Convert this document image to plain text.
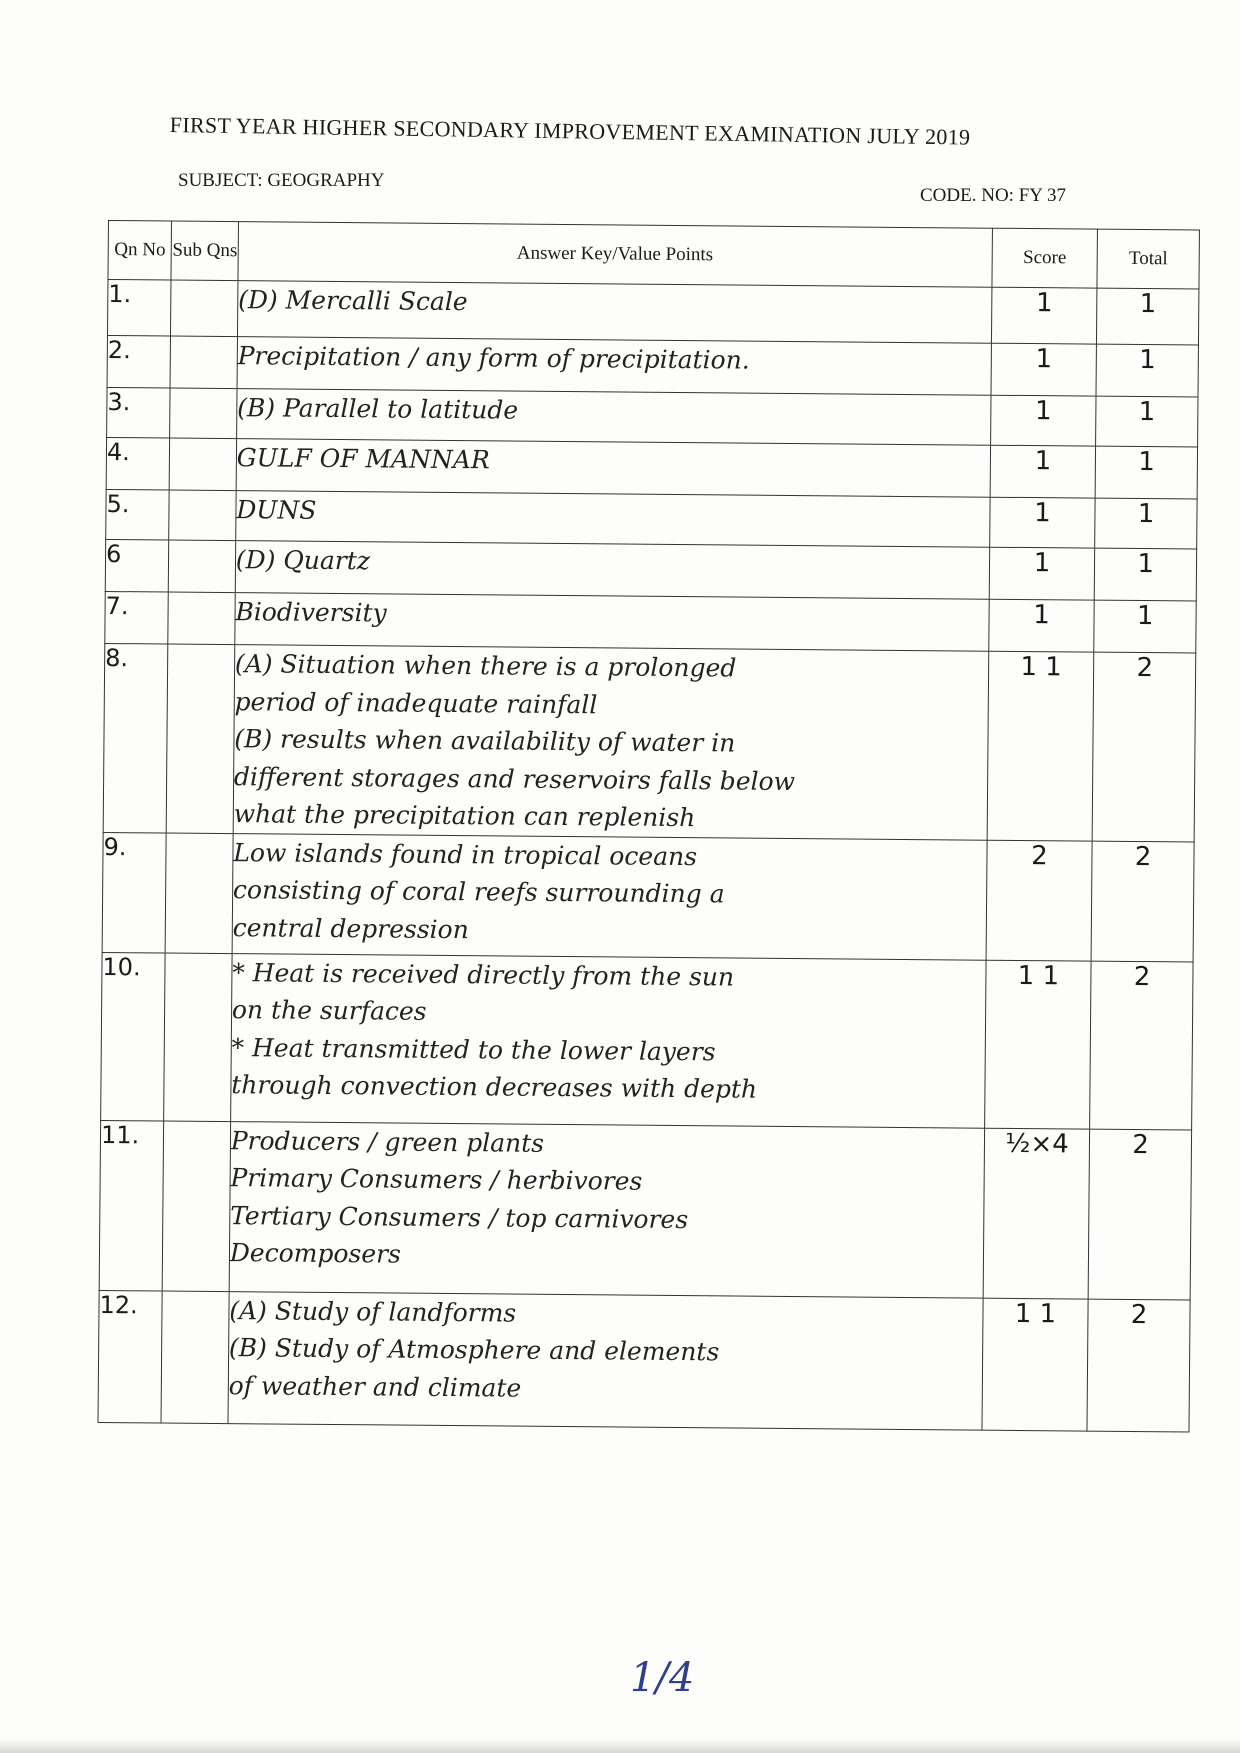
FIRST YEAR HIGHER SECONDARY IMPROVEMENT EXAMINATION JULY 2019
SUBJECT: GEOGRAPHY
CODE. NO: FY 37
Qn No	Sub Qns	Answer Key/Value Points	Score	Total
1.		(D) Mercalli Scale	1	1
2.		Precipitation / any form of precipitation.	1	1
3.		(B) Parallel to latitude	1	1
4.		GULF OF MANNAR	1	1
5.		DUNS	1	1
6		(D) Quartz	1	1
7.		Biodiversity	1	1
8.		(A) Situation when there is a prolonged
period of inadequate rainfall
(B) results when availability of water in
different storages and reservoirs falls below
what the precipitation can replenish	1 1	2
9.		Low islands found in tropical oceans
consisting of coral reefs surrounding a
central depression	2	2
10.		* Heat is received directly from the sun
on the surfaces
* Heat transmitted to the lower layers
through convection decreases with depth	1 1	2
11.		Producers / green plants
Primary Consumers / herbivores
Tertiary Consumers / top carnivores
Decomposers	½×4	2
12.		(A) Study of landforms
(B) Study of Atmosphere and elements
of weather and climate	1 1	2
1/4
